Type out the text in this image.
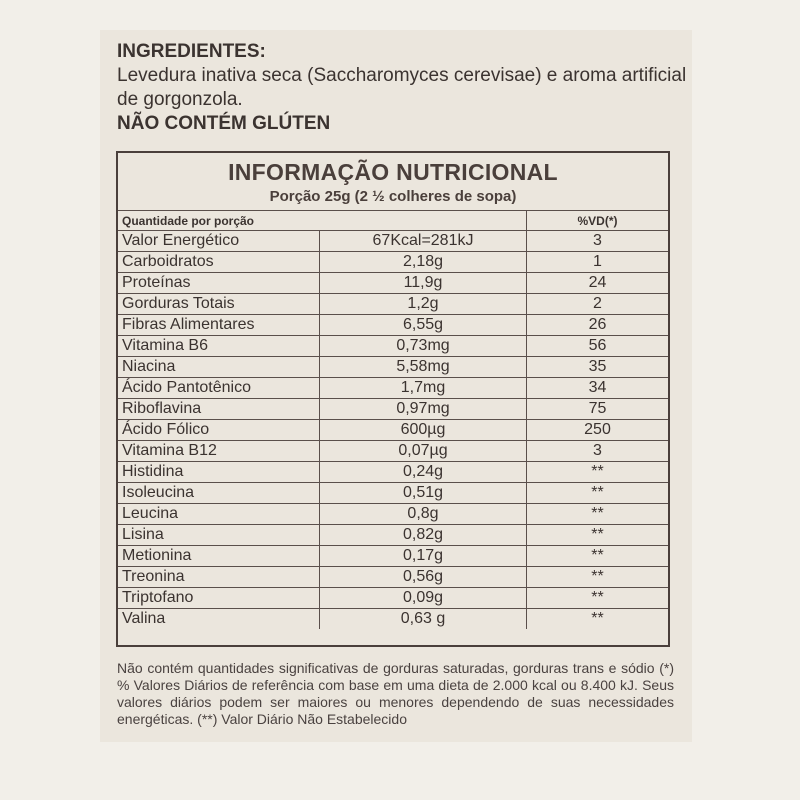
INGREDIENTES:
Levedura inativa seca (Saccharomyces cerevisae) e aroma artificial de gorgonzola.
NÃO CONTÉM GLÚTEN
INFORMAÇÃO NUTRICIONAL
Porção 25g (2 ½ colheres de sopa)
Quantidade por porção		%VD(*)
Valor Energético	67Kcal=281kJ	3
Carboidratos	2,18g	1
Proteínas	11,9g	24
Gorduras Totais	1,2g	2
Fibras Alimentares	6,55g	26
Vitamina B6	0,73mg	56
Niacina	5,58mg	35
Ácido Pantotênico	1,7mg	34
Riboflavina	0,97mg	75
Ácido Fólico	600µg	250
Vitamina B12	0,07µg	3
Histidina	0,24g	**
Isoleucina	0,51g	**
Leucina	0,8g	**
Lisina	0,82g	**
Metionina	0,17g	**
Treonina	0,56g	**
Triptofano	0,09g	**
Valina	0,63 g	**
Não contém quantidades significativas de gorduras saturadas, gorduras trans e sódio (*) % Valores Diários de referência com base em uma dieta de 2.000 kcal ou 8.400 kJ. Seus valores diários podem ser maiores ou menores dependendo de suas necessidades energéticas. (**) Valor Diário Não Estabelecido
